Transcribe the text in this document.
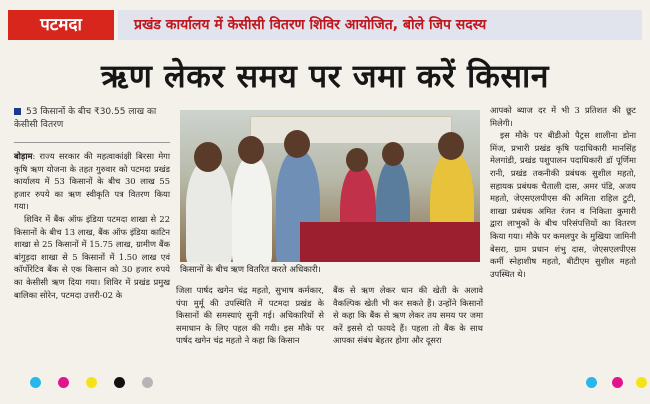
पटमदा	प्रखंड कार्यालय में केसीसी वितरण शिविर आयोजित, बोले जिप सदस्य
ऋण लेकर समय पर जमा करें किसान
53 किसानों के बीच ₹30.55 लाख का केसीसी वितरण

बोड़ाम: राज्य सरकार की महत्वाकांक्षी बिरसा मेगा कृषि ऋण योजना के तहत गुरुवार को पटमदा प्रखंड कार्यालय में 53 किसानों के बीच 30 लाख 55 हजार रुपये का ऋण स्वीकृति पत्र वितरण किया गया।

शिविर में बैंक ऑफ इंडिया पटमदा शाखा से 22 किसानों के बीच 13 लाख, बैंक ऑफ इंडिया काटिन शाखा से 25 किसानों में 15.75 लाख, ग्रामीण बैंक बांगुड़दा शाखा से 5 किसानों में 1.50 लाख एवं कॉर्पोरेटिव बैंक से एक किसान को 30 हजार रुपये का केसीसी ऋण दिया गया। शिविर में प्रखंड प्रमुख बालिका सोरेन, पटमदा उत्तरी-02 के

किसानों के बीच ऋण वितरित करते अधिकारी।

जिला पार्षद खगेन चंद्र महतो, सुभाष कर्मकार, पंपा मुर्मू की उपस्थिति में पटमदा प्रखंड के किसानों की समस्याएं सुनी गई। अधिकारियों से समाधान के लिए पहल की गयी। इस मौके पर पार्षद खगेन चंद्र महतो ने कहा कि किसान

बैंक से ऋण लेकर धान की खेती के अलावे वैकल्पिक खेती भी कर सकते हैं। उन्होंने किसानों से कहा कि बैंक से ऋण लेकर तय समय पर जमा करें इससे दो फायदे हैं। पहला तो बैंक के साथ आपका संबंध बेहतर होगा और दूसरा

आपको ब्याज दर में भी 3 प्रतिशत की छूट मिलेगी।

इस मौके पर बीडीओ पैट्रस शालीना डोना मिंज, प्रभारी प्रखंड कृषि पदाधिकारी मानसिंह मेलगांडी, प्रखंड पशुपालन पदाधिकारी डॉ पूर्णिमा रानी, प्रखंड तकनीकी प्रबंधक सुशील महतो, सहायक प्रबंधक चैताली दास, अमर पंडि, अजय महतो, जेएसएलपीएस की अमिता राहिल टुटी, शाखा प्रबंधक अमित रंजन व निकिता कुमारी द्वारा लाभुकों के बीच परिसंपत्तियों का वितरण किया गया। मौके पर कमलपुर के मुखिया जामिनी बेसरा, ग्राम प्रधान शंभु दास, जेएसएलपीएस कर्मी स्नेहाशीष महतो, बीटीएम सुशील महतो उपस्थित थे।
